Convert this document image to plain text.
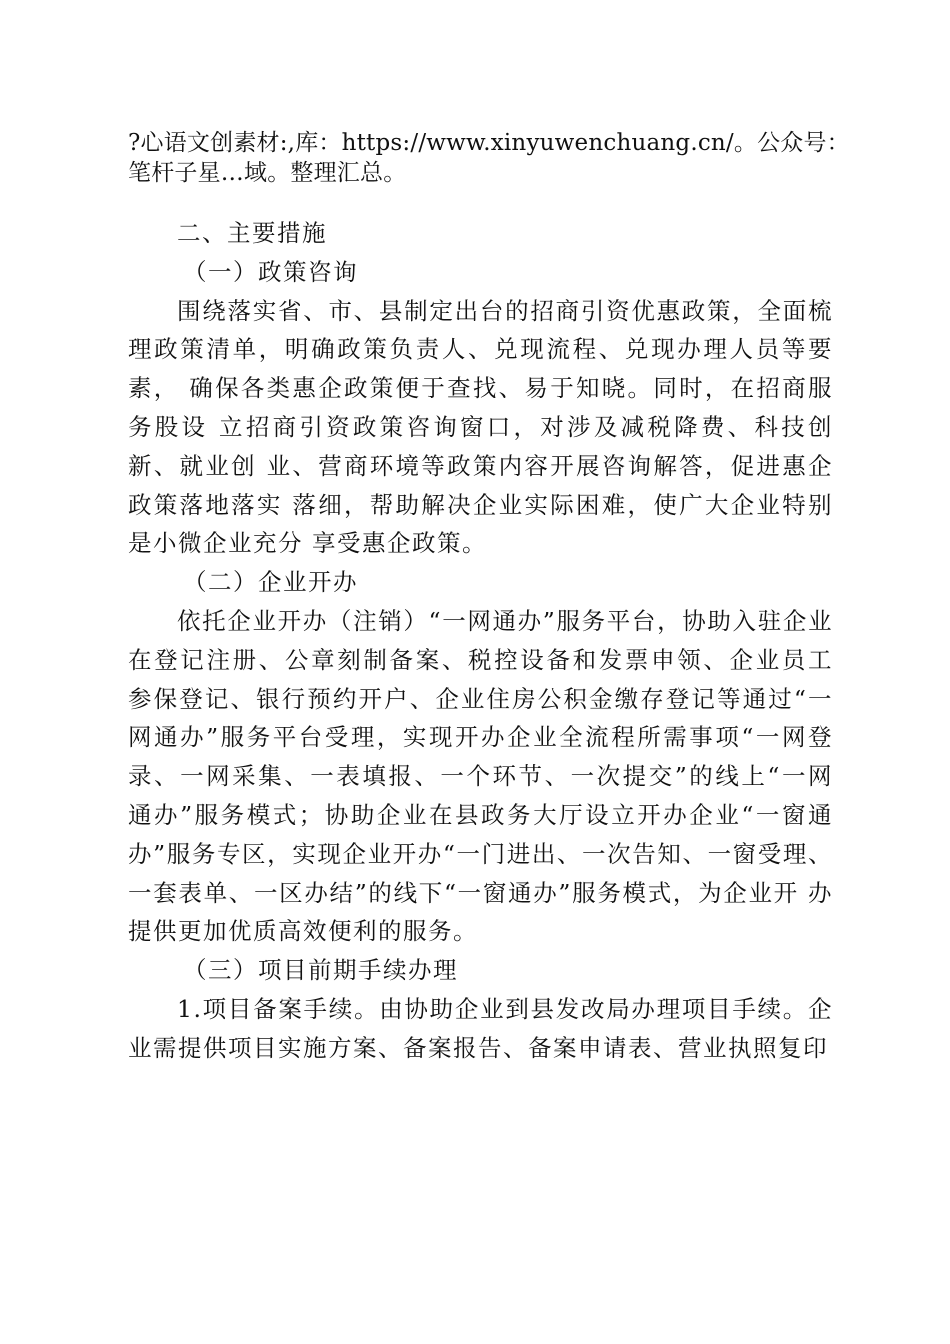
?心语文创素材:,库：https://www.xinyuwenchuang.cn/。公众号：
笔杆子星…域。整理汇总。

二、主要措施

（一）政策咨询

围绕落实省、市、县制定出台的招商引资优惠政策，全面梳理政策清单，明确政策负责人、兑现流程、兑现办理人员等要素， 确保各类惠企政策便于查找、易于知晓。同时，在招商服务股设 立招商引资政策咨询窗口，对涉及减税降费、科技创新、就业创 业、营商环境等政策内容开展咨询解答，促进惠企政策落地落实 落细，帮助解决企业实际困难，使广大企业特别是小微企业充分 享受惠企政策。

（二）企业开办

依托企业开办（注销）“一网通办”服务平台，协助入驻企业在登记注册、公章刻制备案、税控设备和发票申领、企业员工 参保登记、银行预约开户、企业住房公积金缴存登记等通过“一 网通办”服务平台受理，实现开办企业全流程所需事项“一网登 录、一网采集、一表填报、一个环节、一次提交”的线上“一网 通办”服务模式；协助企业在县政务大厅设立开办企业“一窗通 办”服务专区，实现企业开办“一门进出、一次告知、一窗受理、 一套表单、一区办结”的线下“一窗通办”服务模式，为企业开 办提供更加优质高效便利的服务。

（三）项目前期手续办理

1.项目备案手续。由协助企业到县发改局办理项目手续。企业需提供项目实施方案、备案报告、备案申请表、营业执照复印
